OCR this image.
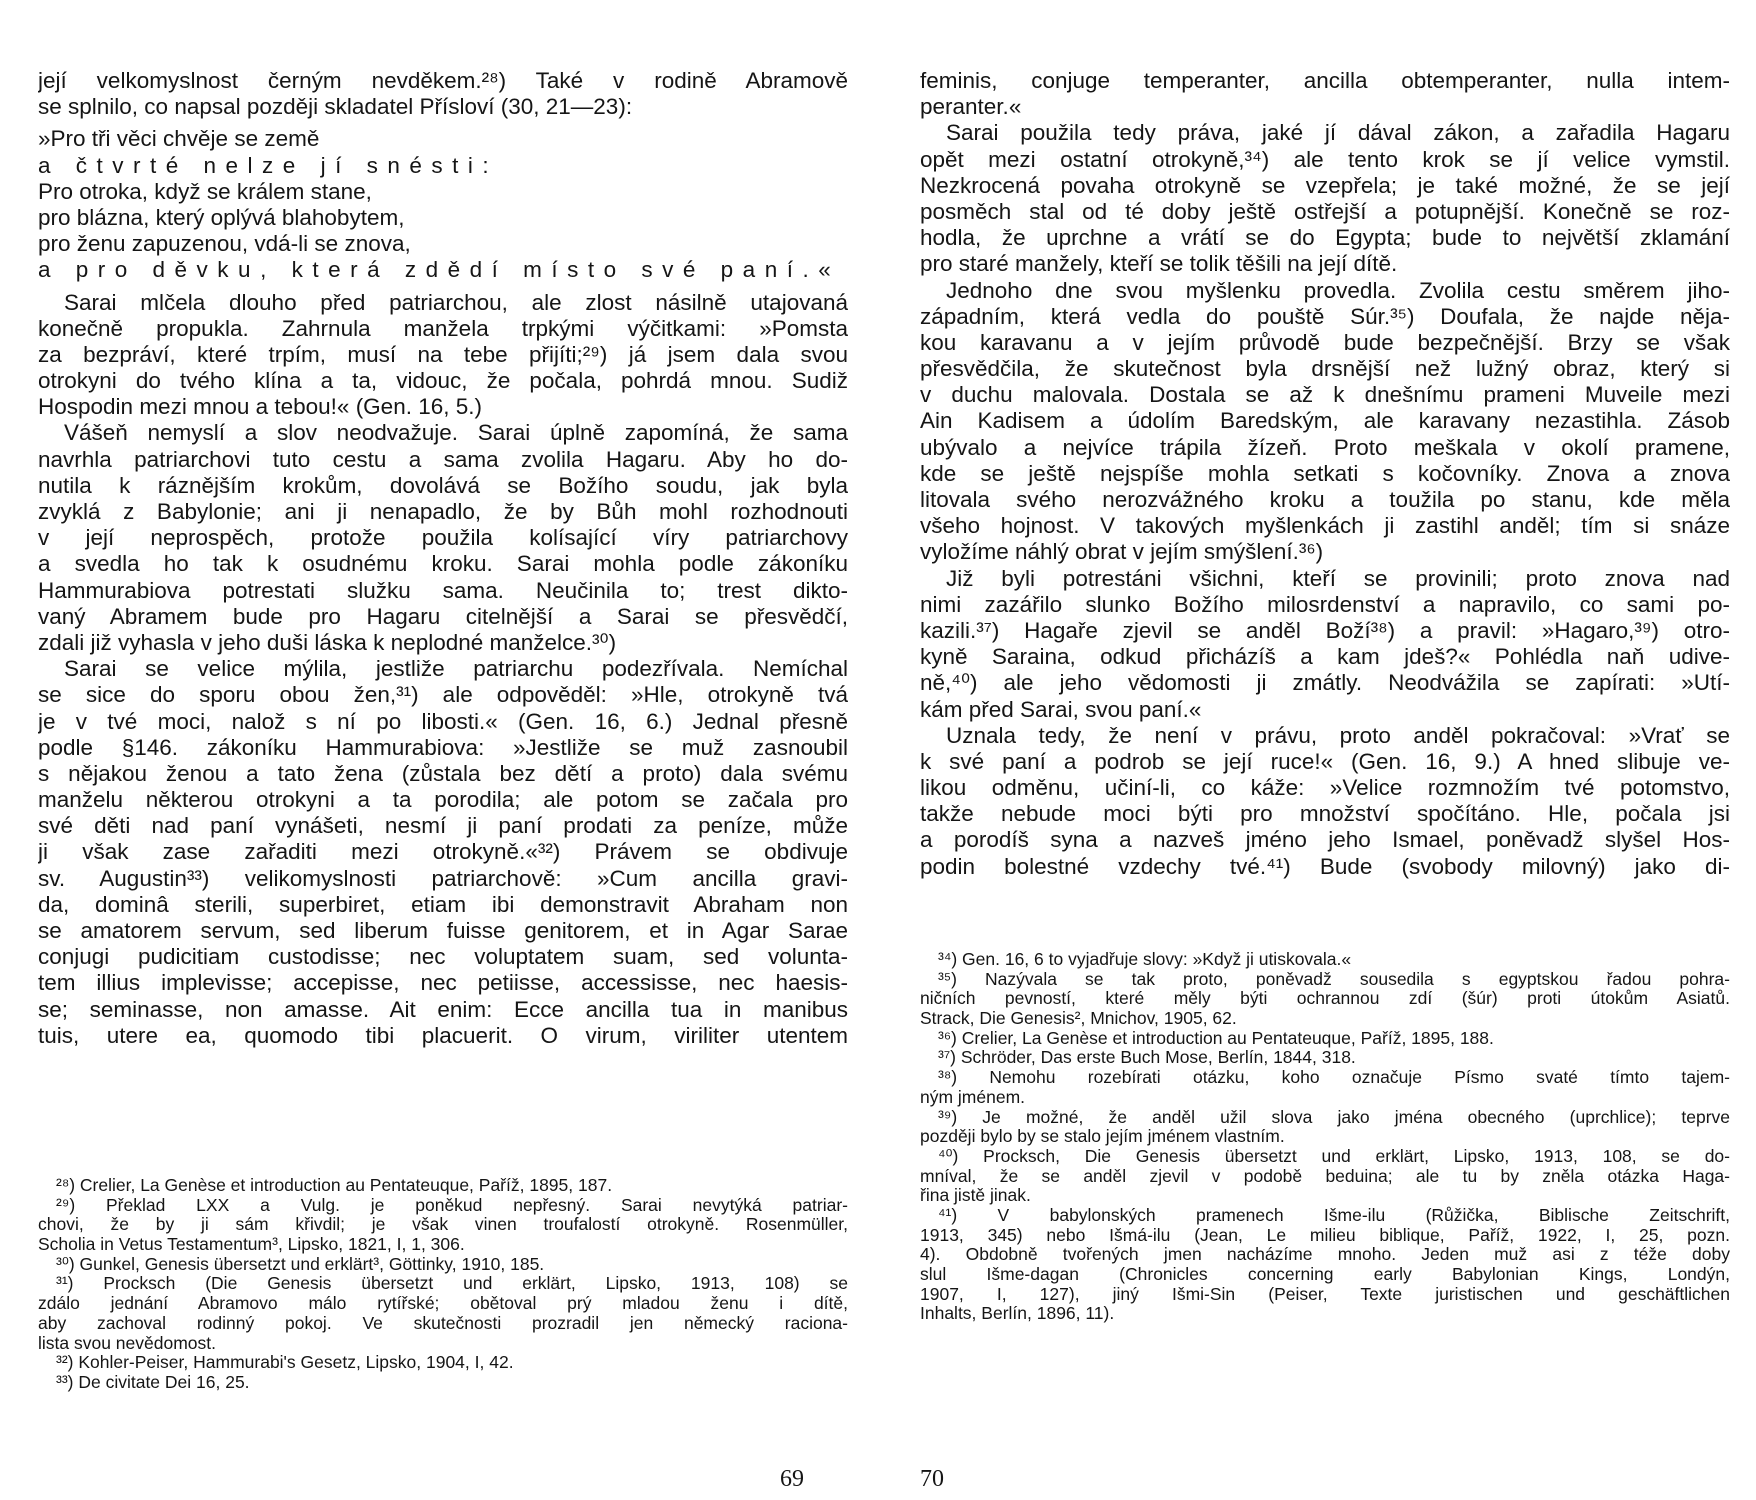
její velkomyslnost černým nevděkem.²⁸) Také v rodině Abramově
se splnilo, co napsal později skladatel Přísloví (30, 21—23):
»Pro tři věci chvěje se země
a čtvrté nelze jí snésti:
Pro otroka, když se králem stane,
pro blázna, který oplývá blahobytem,
pro ženu zapuzenou, vdá-li se znova,
a pro děvku, která zdědí místo své paní.«
Sarai mlčela dlouho před patriarchou, ale zlost násilně utajovaná
konečně propukla. Zahrnula manžela trpkými výčitkami: »Pomsta
za bezpráví, které trpím, musí na tebe přijíti;²⁹) já jsem dala svou
otrokyni do tvého klína a ta, vidouc, že počala, pohrdá mnou. Sudiž
Hospodin mezi mnou a tebou!« (Gen. 16, 5.)
Vášeň nemyslí a slov neodvažuje. Sarai úplně zapomíná, že sama
navrhla patriarchovi tuto cestu a sama zvolila Hagaru. Aby ho do-
nutila k ráznějším krokům, dovolává se Božího soudu, jak byla
zvyklá z Babylonie; ani ji nenapadlo, že by Bůh mohl rozhodnouti
v její neprospěch, protože použila kolísající víry patriarchovy
a svedla ho tak k osudnému kroku. Sarai mohla podle zákoníku
Hammurabiova potrestati služku sama. Neučinila to; trest dikto-
vaný Abramem bude pro Hagaru citelnější a Sarai se přesvědčí,
zdali již vyhasla v jeho duši láska k neplodné manželce.³⁰)
Sarai se velice mýlila, jestliže patriarchu podezřívala. Nemíchal
se sice do sporu obou žen,³¹) ale odpověděl: »Hle, otrokyně tvá
je v tvé moci, nalož s ní po libosti.« (Gen. 16, 6.) Jednal přesně
podle §146. zákoníku Hammurabiova: »Jestliže se muž zasnoubil
s nějakou ženou a tato žena (zůstala bez dětí a proto) dala svému
manželu některou otrokyni a ta porodila; ale potom se začala pro
své děti nad paní vynášeti, nesmí ji paní prodati za peníze, může
ji však zase zařaditi mezi otrokyně.«³²) Právem se obdivuje
sv. Augustin³³) velikomyslnosti patriarchově: »Cum ancilla gravi-
da, dominâ sterili, superbiret, etiam ibi demonstravit Abraham non
se amatorem servum, sed liberum fuisse genitorem, et in Agar Sarae
conjugi pudicitiam custodisse; nec voluptatem suam, sed volunta-
tem illius implevisse; accepisse, nec petiisse, accessisse, nec haesis-
se; seminasse, non amasse. Ait enim: Ecce ancilla tua in manibus
tuis, utere ea, quomodo tibi placuerit. O virum, viriliter utentem
²⁸) Crelier, La Genèse et introduction au Pentateuque, Paříž, 1895, 187.
²⁹) Překlad LXX a Vulg. je poněkud nepřesný. Sarai nevytýká patriar-
chovi, že by ji sám křivdil; je však vinen troufalostí otrokyně. Rosenmüller,
Scholia in Vetus Testamentum³, Lipsko, 1821, I, 1, 306.
³⁰) Gunkel, Genesis übersetzt und erklärt³, Göttinky, 1910, 185.
³¹) Procksch (Die Genesis übersetzt und erklärt, Lipsko, 1913, 108) se
zdálo jednání Abramovo málo rytířské; obětoval prý mladou ženu i dítě,
aby zachoval rodinný pokoj. Ve skutečnosti prozradil jen německý raciona-
lista svou nevědomost.
³²) Kohler-Peiser, Hammurabi's Gesetz, Lipsko, 1904, I, 42.
³³) De civitate Dei 16, 25.
69
feminis, conjuge temperanter, ancilla obtemperanter, nulla intem-
peranter.«
Sarai použila tedy práva, jaké jí dával zákon, a zařadila Hagaru
opět mezi ostatní otrokyně,³⁴) ale tento krok se jí velice vymstil.
Nezkrocená povaha otrokyně se vzepřela; je také možné, že se její
posměch stal od té doby ještě ostřejší a potupnější. Konečně se roz-
hodla, že uprchne a vrátí se do Egypta; bude to největší zklamání
pro staré manžely, kteří se tolik těšili na její dítě.
Jednoho dne svou myšlenku provedla. Zvolila cestu směrem jiho-
západním, která vedla do pouště Súr.³⁵) Doufala, že najde něja-
kou karavanu a v jejím průvodě bude bezpečnější. Brzy se však
přesvědčila, že skutečnost byla drsnější než lužný obraz, který si
v duchu malovala. Dostala se až k dnešnímu prameni Muveile mezi
Ain Kadisem a údolím Baredským, ale karavany nezastihla. Zásob
ubývalo a nejvíce trápila žízeň. Proto meškala v okolí pramene,
kde se ještě nejspíše mohla setkati s kočovníky. Znova a znova
litovala svého nerozvážného kroku a toužila po stanu, kde měla
všeho hojnost. V takových myšlenkách ji zastihl anděl; tím si snáze
vyložíme náhlý obrat v jejím smýšlení.³⁶)
Již byli potrestáni všichni, kteří se provinili; proto znova nad
nimi zazářilo slunko Božího milosrdenství a napravilo, co sami po-
kazili.³⁷) Hagaře zjevil se anděl Boží³⁸) a pravil: »Hagaro,³⁹) otro-
kyně Saraina, odkud přicházíš a kam jdeš?« Pohlédla naň udive-
ně,⁴⁰) ale jeho vědomosti ji zmátly. Neodvážila se zapírati: »Utí-
kám před Sarai, svou paní.«
Uznala tedy, že není v právu, proto anděl pokračoval: »Vrať se
k své paní a podrob se její ruce!« (Gen. 16, 9.) A hned slibuje ve-
likou odměnu, učiní-li, co káže: »Velice rozmnožím tvé potomstvo,
takže nebude moci býti pro množství spočítáno. Hle, počala jsi
a porodíš syna a nazveš jméno jeho Ismael, poněvadž slyšel Hos-
podin bolestné vzdechy tvé.⁴¹) Bude (svobody milovný) jako di-
³⁴) Gen. 16, 6 to vyjadřuje slovy: »Když ji utiskovala.«
³⁵) Nazývala se tak proto, poněvadž sousedila s egyptskou řadou pohra-
ničních pevností, které měly býti ochrannou zdí (šúr) proti útokům Asiatů.
Strack, Die Genesis², Mnichov, 1905, 62.
³⁶) Crelier, La Genèse et introduction au Pentateuque, Paříž, 1895, 188.
³⁷) Schröder, Das erste Buch Mose, Berlín, 1844, 318.
³⁸) Nemohu rozebírati otázku, koho označuje Písmo svaté tímto tajem-
ným jménem.
³⁹) Je možné, že anděl užil slova jako jména obecného (uprchlice); teprve
později bylo by se stalo jejím jménem vlastním.
⁴⁰) Procksch, Die Genesis übersetzt und erklärt, Lipsko, 1913, 108, se do-
mníval, že se anděl zjevil v podobě beduina; ale tu by zněla otázka Haga-
řina jistě jinak.
⁴¹) V babylonských pramenech Išme-ilu (Růžička, Biblische Zeitschrift,
1913, 345) nebo Išmá-ilu (Jean, Le milieu biblique, Paříž, 1922, I, 25, pozn.
4). Obdobně tvořených jmen nacházíme mnoho. Jeden muž asi z téže doby
slul Išme-dagan (Chronicles concerning early Babylonian Kings, Londýn,
1907, I, 127), jiný Išmi-Sin (Peiser, Texte juristischen und geschäftlichen
Inhalts, Berlín, 1896, 11).
70
